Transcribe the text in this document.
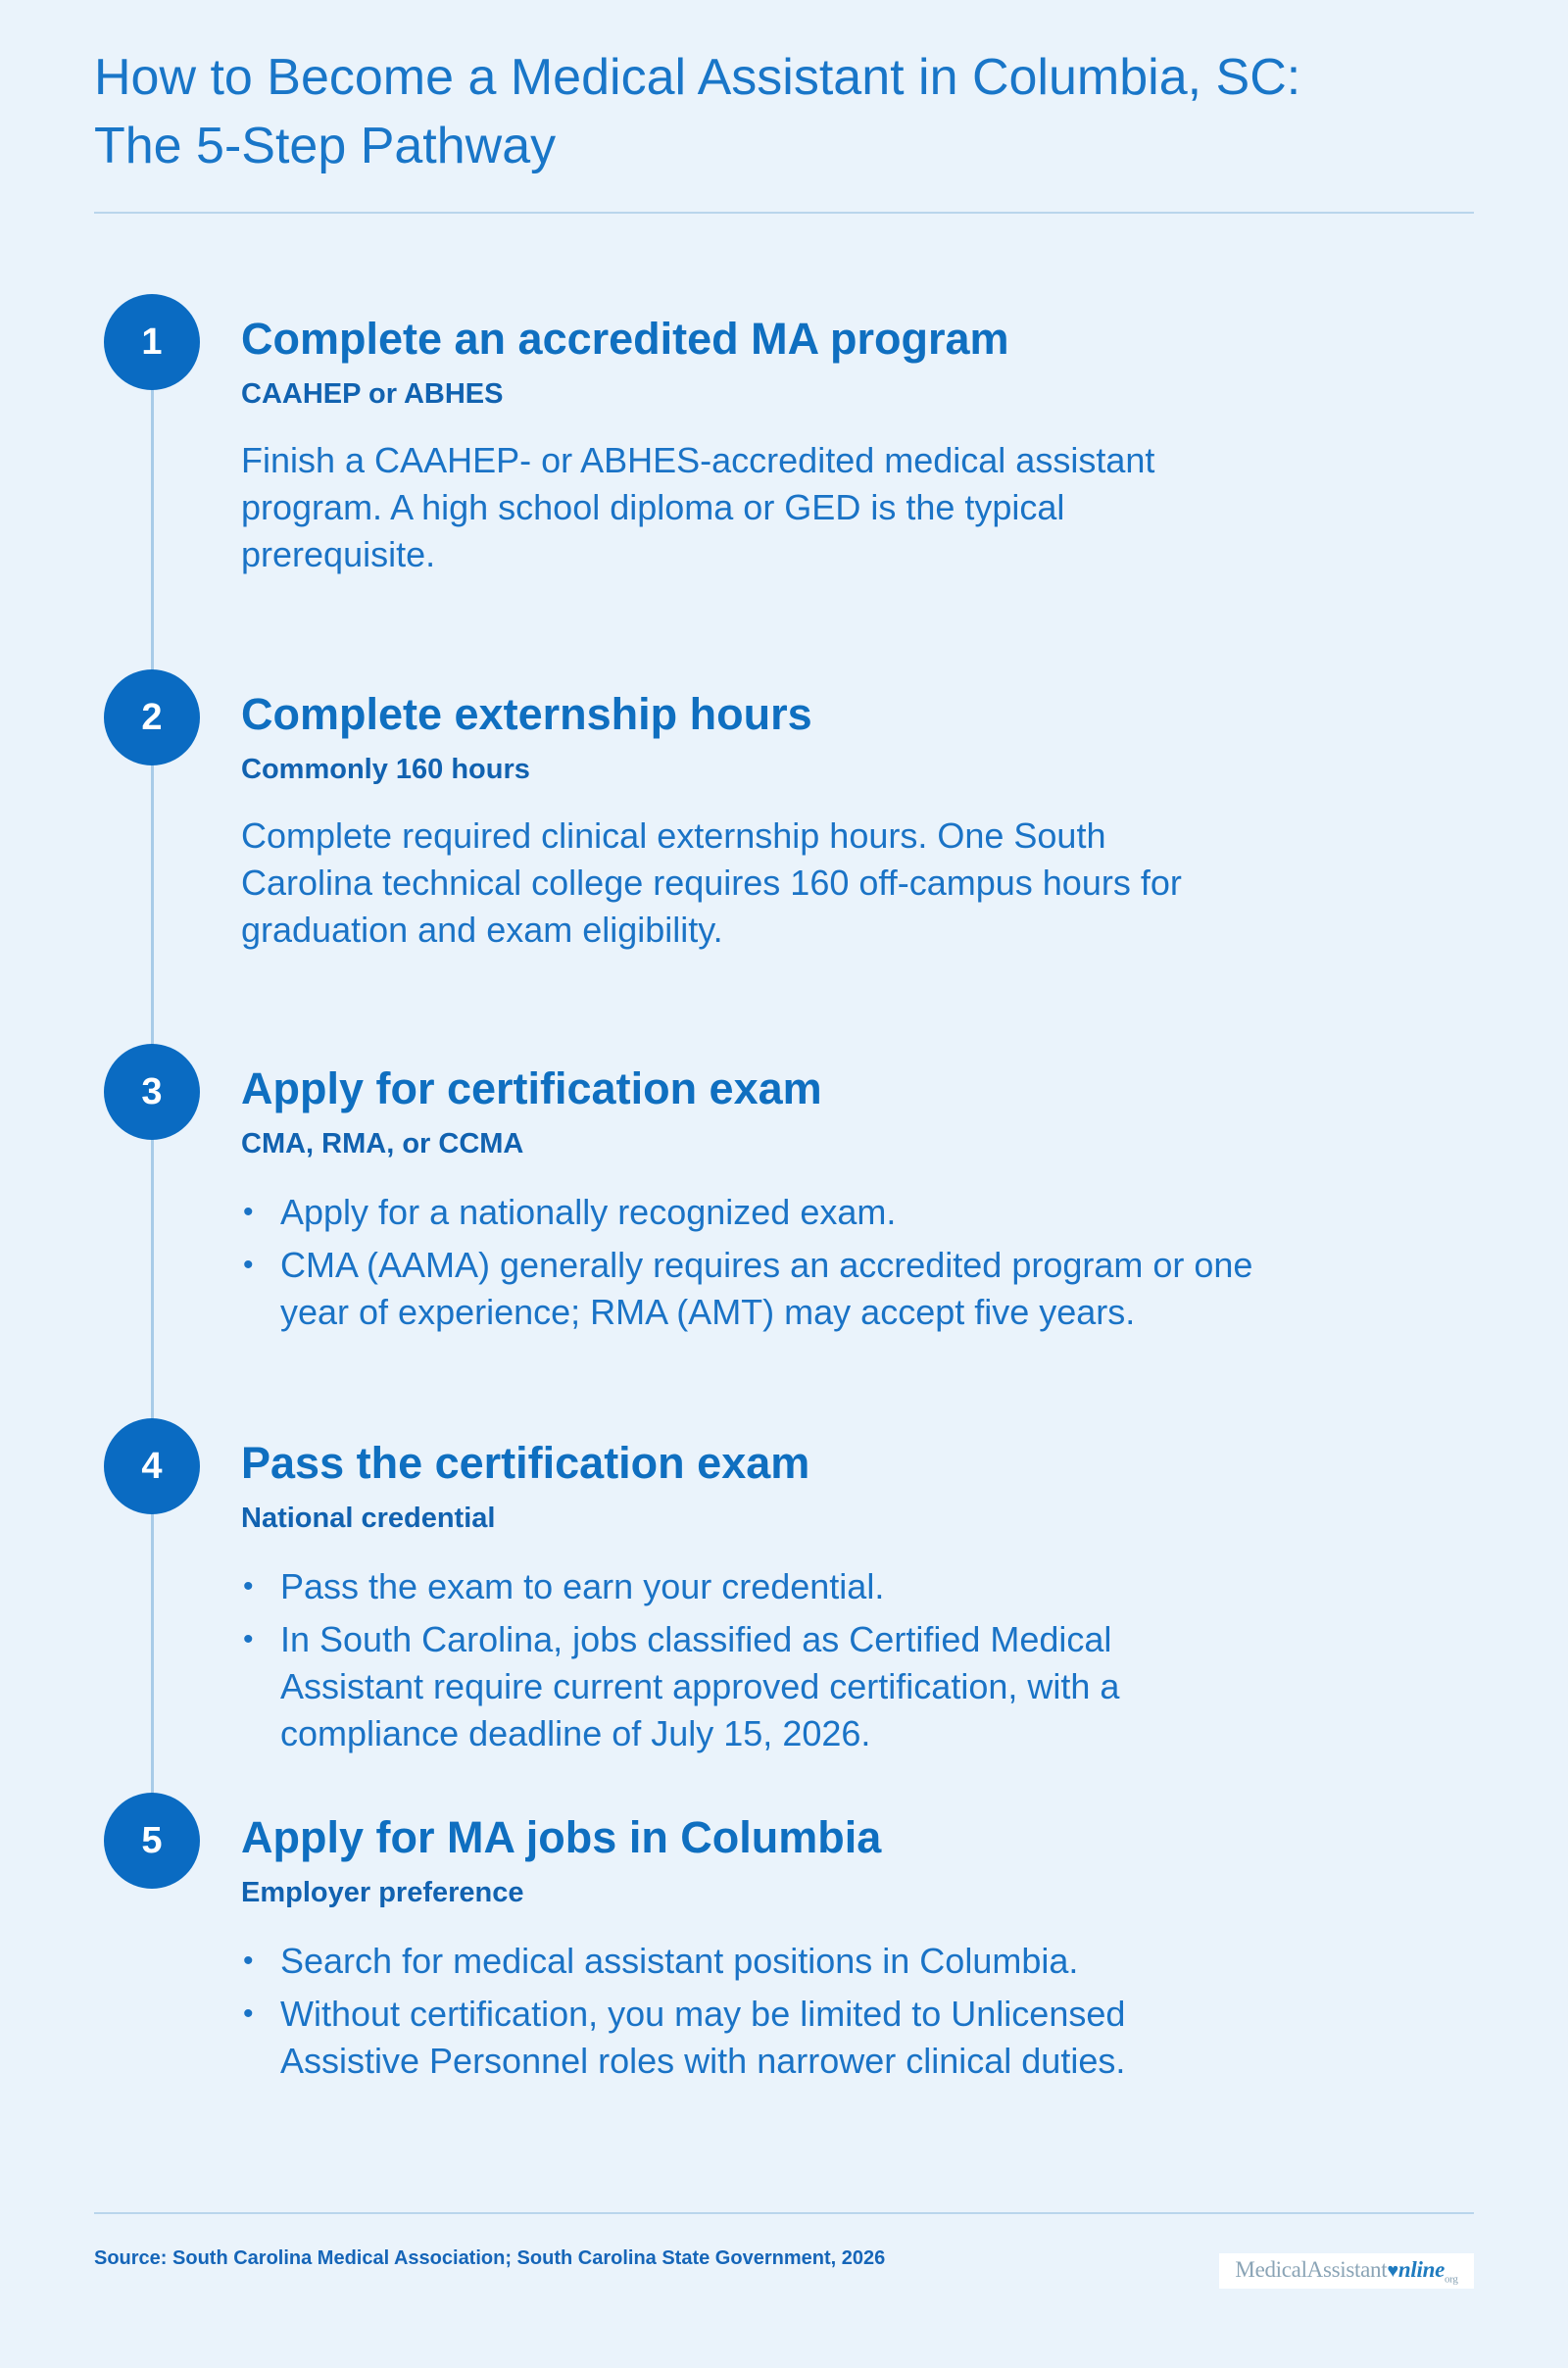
How to Become a Medical Assistant in Columbia, SC: The 5-Step Pathway
1	Complete an accredited MA program
CAAHEP or ABHES

Finish a CAAHEP- or ABHES-accredited medical assistant program. A high school diploma or GED is the typical prerequisite.

2	Complete externship hours
Commonly 160 hours

Complete required clinical externship hours. One South Carolina technical college requires 160 off-campus hours for graduation and exam eligibility.

3	Apply for certification exam
CMA, RMA, or CCMA
• Apply for a nationally recognized exam.
• CMA (AAMA) generally requires an accredited program or one year of experience; RMA (AMT) may accept five years.
4	Pass the certification exam
National credential
• Pass the exam to earn your credential.
• In South Carolina, jobs classified as Certified Medical Assistant require current approved certification, with a compliance deadline of July 15, 2026.
5	Apply for MA jobs in Columbia
Employer preference
• Search for medical assistant positions in Columbia.
• Without certification, you may be limited to Unlicensed Assistive Personnel roles with narrower clinical duties.
Source: South Carolina Medical Association; South Carolina State Government, 2026	MedicalAssistant♥nline$_{org}$
